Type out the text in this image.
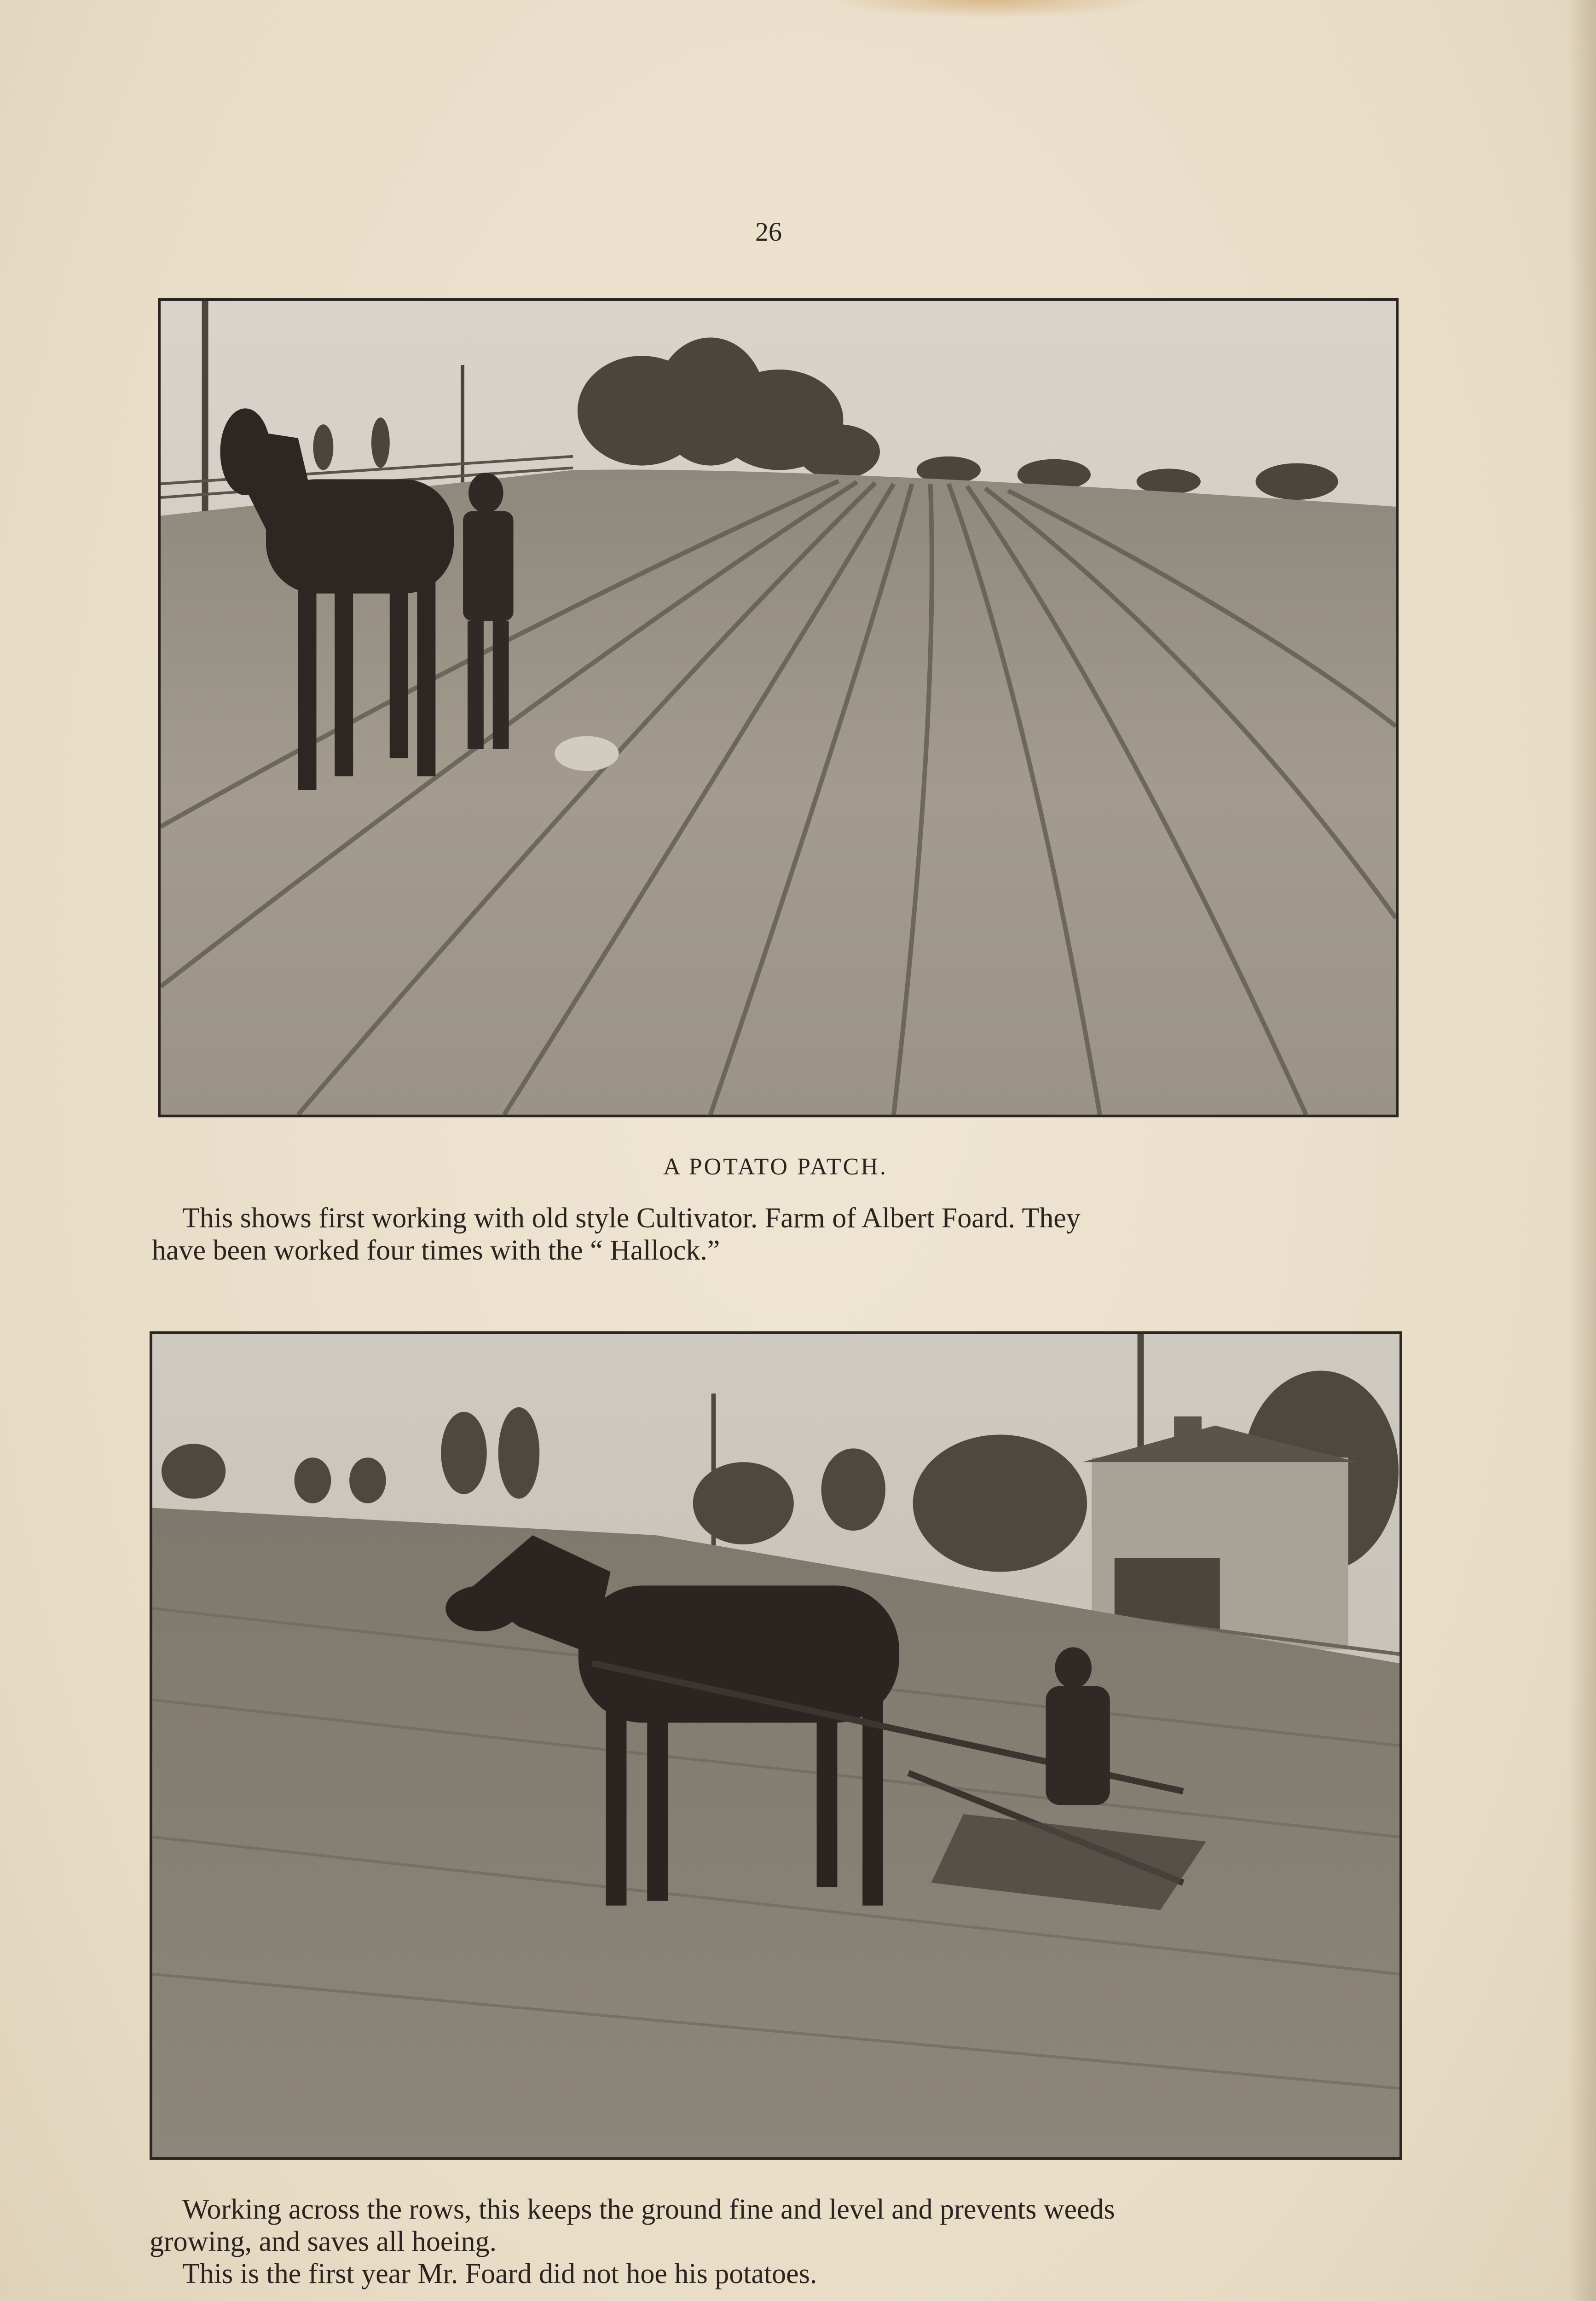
26
A POTATO PATCH.
This shows first working with old style Cultivator. Farm of Albert Foard. They
have been worked four times with the “ Hallock.”
Working across the rows, this keeps the ground fine and level and prevents weeds
growing, and saves all hoeing.
This is the first year Mr. Foard did not hoe his potatoes.
